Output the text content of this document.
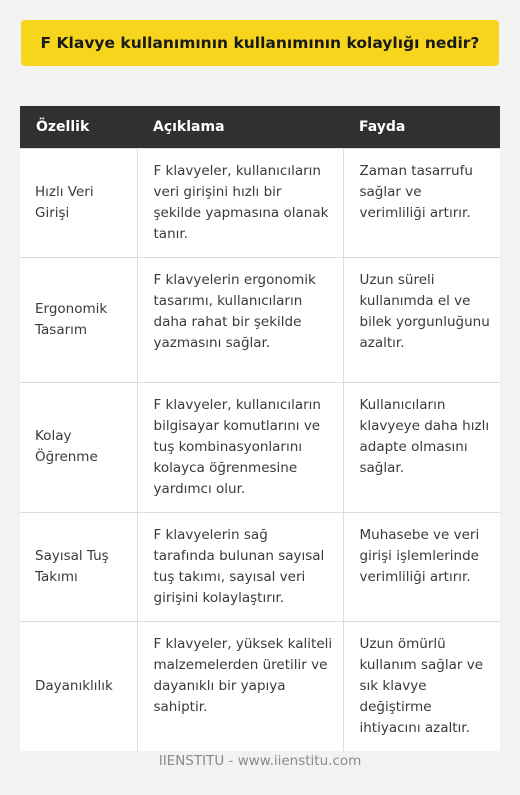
F Klavye kullanımının kullanımının kolaylığı nedir?
Özellik	Açıklama	Fayda
Hızlı Veri Girişi	F klavyeler, kullanıcıların veri girişini hızlı bir şekilde yapmasına olanak tanır.	Zaman tasarrufu sağlar ve verimliliği artırır.
Ergonomik Tasarım	F klavyelerin ergonomik tasarımı, kullanıcıların daha rahat bir şekilde yazmasını sağlar.	Uzun süreli kullanımda el ve bilek yorgunluğunu azaltır.
Kolay Öğrenme	F klavyeler, kullanıcıların bilgisayar komutlarını ve tuş kombinasyonlarını kolayca öğrenmesine yardımcı olur.	Kullanıcıların klavyeye daha hızlı adapte olmasını sağlar.
Sayısal Tuş Takımı	F klavyelerin sağ tarafında bulunan sayısal tuş takımı, sayısal veri girişini kolaylaştırır.	Muhasebe ve veri girişi işlemlerinde verimliliği artırır.
Dayanıklılık	F klavyeler, yüksek kaliteli malzemelerden üretilir ve dayanıklı bir yapıya sahiptir.	Uzun ömürlü kullanım sağlar ve sık klavye değiştirme ihtiyacını azaltır.
IIENSTITU - www.iienstitu.com
